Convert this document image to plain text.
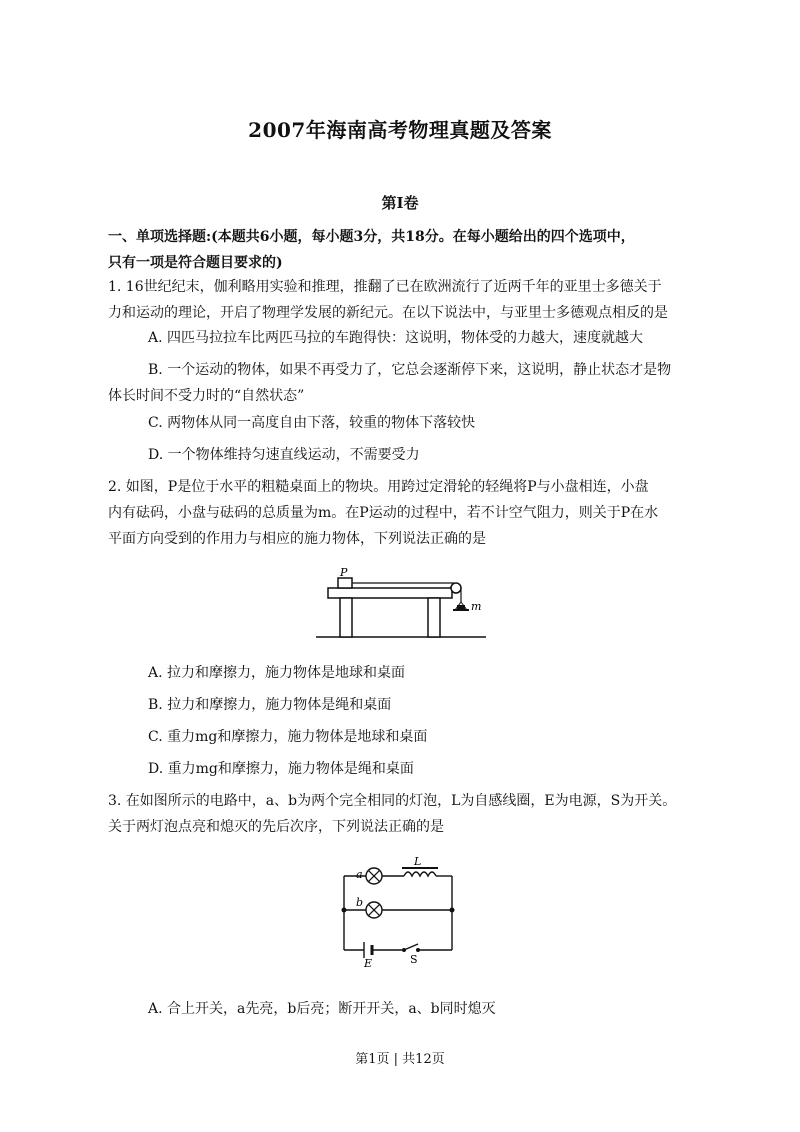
2007年海南高考物理真题及答案
第Ⅰ卷
一、单项选择题:(本题共6小题，每小题3分，共18分。在每小题给出的四个选项中，
只有一项是符合题目要求的)
1. 16世纪纪末，伽利略用实验和推理，推翻了已在欧洲流行了近两千年的亚里士多德关于
力和运动的理论，开启了物理学发展的新纪元。在以下说法中，与亚里士多德观点相反的是
A. 四匹马拉拉车比两匹马拉的车跑得快：这说明，物体受的力越大，速度就越大
B. 一个运动的物体，如果不再受力了，它总会逐渐停下来，这说明，静止状态才是物
体长时间不受力时的“自然状态”
C. 两物体从同一高度自由下落，较重的物体下落较快
D. 一个物体维持匀速直线运动，不需要受力
2. 如图，P是位于水平的粗糙桌面上的物块。用跨过定滑轮的轻绳将P与小盘相连，小盘
内有砝码，小盘与砝码的总质量为m。在P运动的过程中，若不计空气阻力，则关于P在水
平面方向受到的作用力与相应的施力物体，下列说法正确的是
P
m
A. 拉力和摩擦力，施力物体是地球和桌面
B. 拉力和摩擦力，施力物体是绳和桌面
C. 重力mg和摩擦力，施力物体是地球和桌面
D. 重力mg和摩擦力，施力物体是绳和桌面
3. 在如图所示的电路中，a、b为两个完全相同的灯泡，L为自感线圈，E为电源，S为开关。
关于两灯泡点亮和熄灭的先后次序，下列说法正确的是
a
b
L
E	S
A. 合上开关，a先亮，b后亮；断开开关，a、b同时熄灭
第1页 | 共12页
